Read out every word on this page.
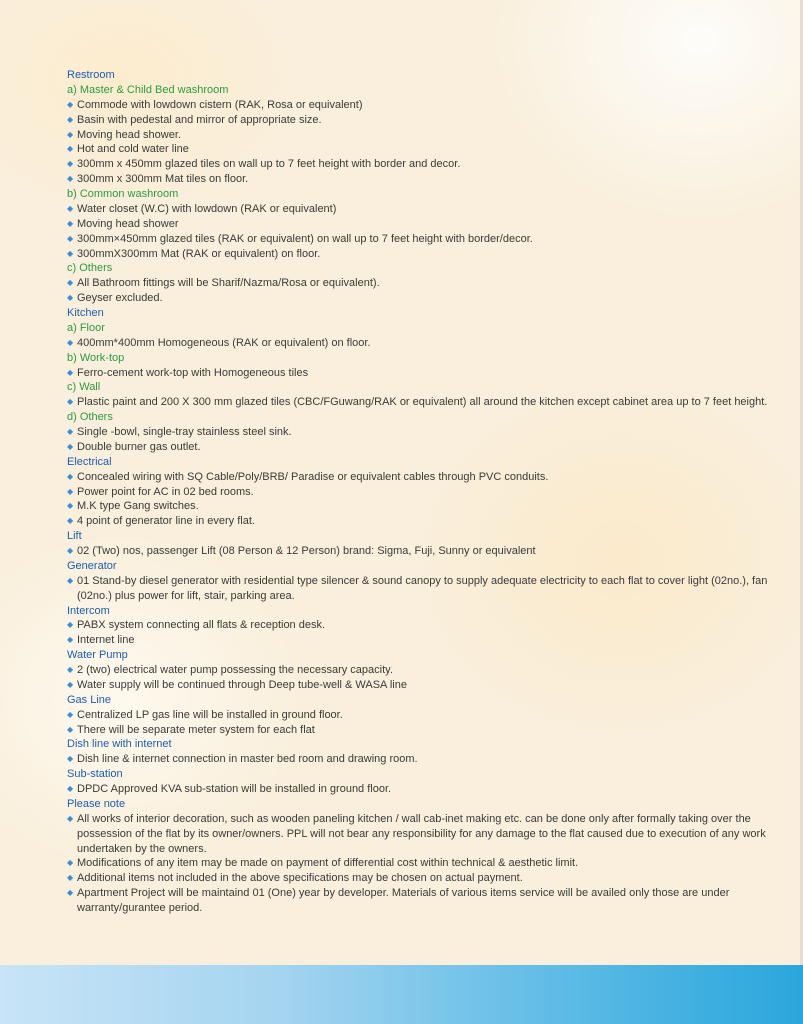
Restroom
a) Master & Child Bed washroom
◆ Commode with lowdown cistern (RAK, Rosa or equivalent)
◆ Basin with pedestal and mirror of appropriate size.
◆ Moving head shower.
◆ Hot and cold water line
◆ 300mm x 450mm glazed tiles on wall up to 7 feet height with border and decor.
◆ 300mm x 300mm Mat tiles on floor.
b) Common washroom
◆ Water closet (W.C) with lowdown (RAK or equivalent)
◆ Moving head shower
◆ 300mm×450mm glazed tiles (RAK or equivalent) on wall up to 7 feet height with border/decor.
◆ 300mmX300mm Mat (RAK or equivalent) on floor.
c) Others
◆ All Bathroom fittings will be Sharif/Nazma/Rosa or equivalent).
◆ Geyser excluded.
Kitchen
a) Floor
◆ 400mm*400mm Homogeneous (RAK or equivalent) on floor.
b) Work-top
◆ Ferro-cement work-top with Homogeneous tiles
c) Wall
◆ Plastic paint and 200 X 300 mm glazed tiles (CBC/FGuwang/RAK or equivalent) all around the kitchen except cabinet area up to 7 feet height.
d) Others
◆ Single -bowl, single-tray stainless steel sink.
◆ Double burner gas outlet.
Electrical
◆ Concealed wiring with SQ Cable/Poly/BRB/ Paradise or equivalent cables through PVC conduits.
◆ Power point for AC in 02 bed rooms.
◆ M.K type Gang switches.
◆ 4 point of generator line in every flat.
Lift
◆ 02 (Two) nos, passenger Lift (08 Person & 12 Person) brand: Sigma, Fuji, Sunny or equivalent
Generator
◆ 01 Stand-by diesel generator with residential type silencer & sound canopy to supply adequate electricity to each flat to cover light (02no.), fan (02no.) plus power for lift, stair, parking area.
Intercom
◆ PABX system connecting all flats & reception desk.
◆ Internet line
Water Pump
◆ 2 (two) electrical water pump possessing the necessary capacity.
◆ Water supply will be continued through Deep tube-well & WASA line
Gas Line
◆ Centralized LP gas line will be installed in ground floor.
◆ There will be separate meter system for each flat
Dish line with internet
◆ Dish line & internet connection in master bed room and drawing room.
Sub-station
◆ DPDC Approved KVA sub-station will be installed in ground floor.
Please note
◆ All works of interior decoration, such as wooden paneling kitchen / wall cab-inet making etc. can be done only after formally taking over the possession of the flat by its owner/owners. PPL will not bear any responsibility for any damage to the flat caused due to execution of any work undertaken by the owners.
◆ Modifications of any item may be made on payment of differential cost within technical & aesthetic limit.
◆ Additional items not included in the above specifications may be chosen on actual payment.
◆ Apartment Project will be maintaind 01 (One) year by developer. Materials of various items service will be availed only those are under warranty/gurantee period.
